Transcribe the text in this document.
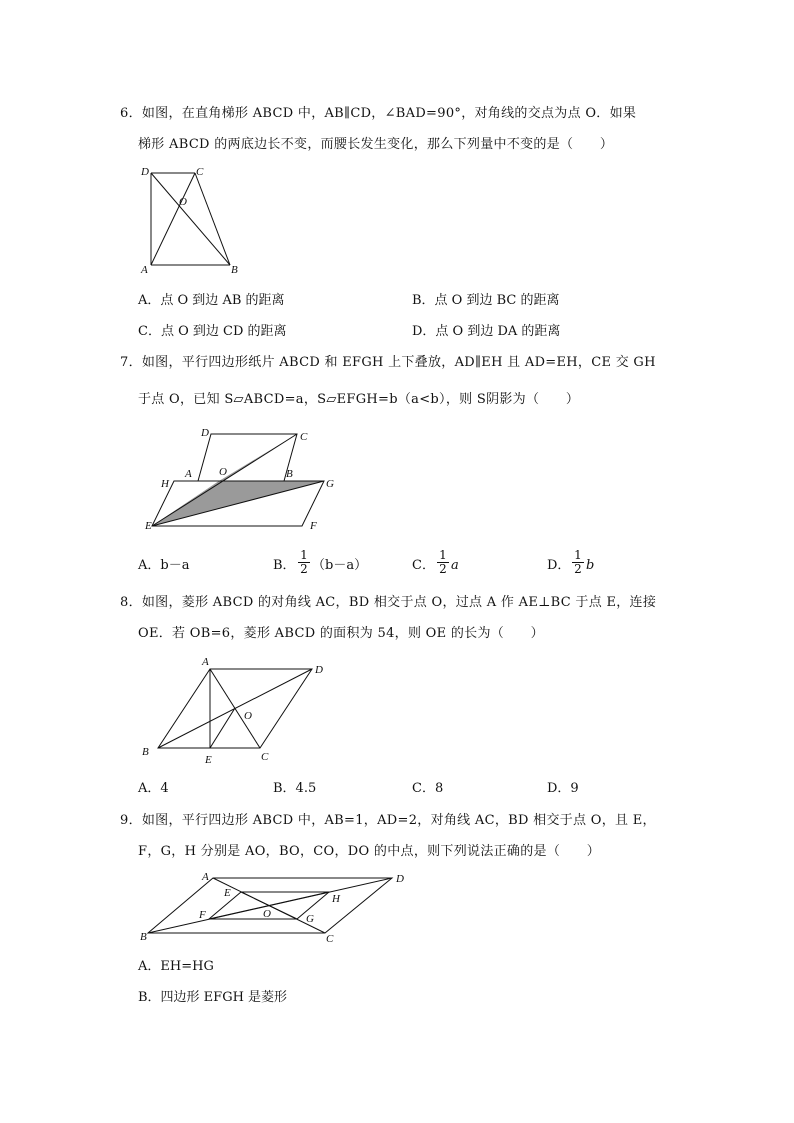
6．如图，在直角梯形 ABCD 中，AB∥CD，∠BAD=90°，对角线的交点为点 O．如果
梯形 ABCD 的两底边长不变，而腰长发生变化，那么下列量中不变的是（　　）
D	C
O
A	B
A．点 O 到边 AB 的距离	B．点 O 到边 BC 的距离
C．点 O 到边 CD 的距离	D．点 O 到边 DA 的距离
7．如图，平行四边形纸片 ABCD 和 EFGH 上下叠放，AD∥EH 且 AD=EH，CE 交 GH
于点 O，已知 S▱ABCD=a，S▱EFGH=b（a<b），则 S阴影为（　　）
D	C
A O	B
H	G
E	F
A．b－a	B． $\frac{1}{2} (b-a)$	C． $\frac{1}{2}$ a	D． $\frac{1}{2}$ b
8．如图，菱形 ABCD 的对角线 AC，BD 相交于点 O，过点 A 作 AE⊥BC 于点 E，连接
OE．若 OB=6，菱形 ABCD 的面积为 54，则 OE 的长为（　　）
A
D
O
B
E	C
A．4	B．4.5	C．8	D．9
9．如图，平行四边形 ABCD 中，AB=1，AD=2，对角线 AC，BD 相交于点 O，且 E，
F，G，H 分别是 AO，BO，CO，DO 的中点，则下列说法正确的是（　　）
A	D
E	H
F	O	G
B	C
A．EH=HG
B．四边形 EFGH 是菱形
